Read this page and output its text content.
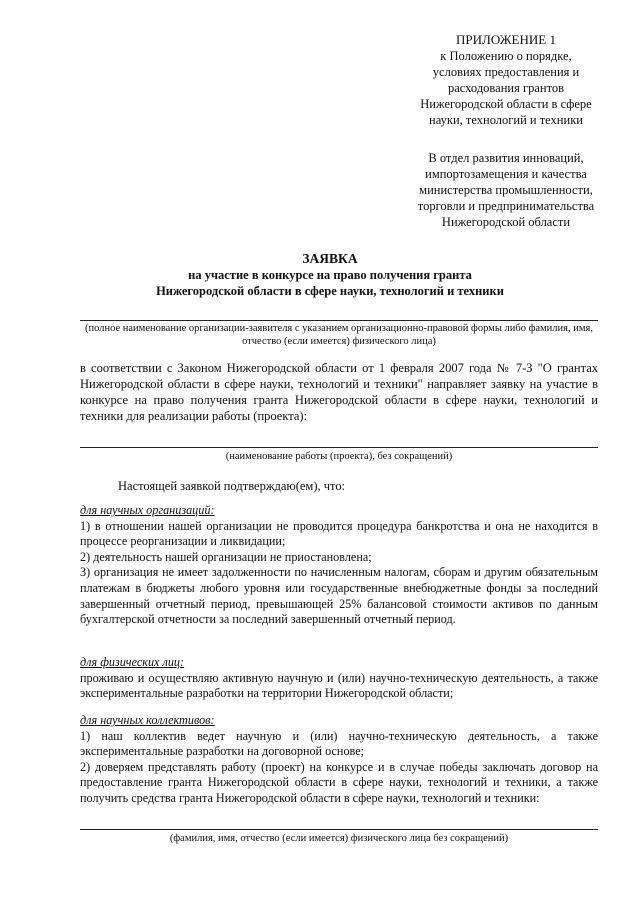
ПРИЛОЖЕНИЕ 1
к Положению о порядке,
условиях предоставления и
расходования грантов
Нижегородской области в сфере
науки, технологий и техники
В отдел развития инноваций,
импортозамещения и качества
министерства промышленности,
торговли и предпринимательства
Нижегородской области
ЗАЯВКА
на участие в конкурсе на право получения гранта
Нижегородской области в сфере науки, технологий и техники
(полное наименование организации-заявителя с указанием организационно-правовой формы либо фамилия, имя, отчество (если имеется) физического лица)
в соответствии с Законом Нижегородской области от 1 февраля 2007 года № 7-З "О грантах Нижегородской области в сфере науки, технологий и техники" направляет заявку на участие в конкурсе на право получения гранта Нижегородской области в сфере науки, технологий и техники для реализации работы (проекта):
(наименование работы (проекта), без сокращений)
Настоящей заявкой подтверждаю(ем), что:
для научных организаций:
1) в отношении нашей организации не проводится процедура банкротства и она не находится в процессе реорганизации и ликвидации;
2) деятельность нашей организации не приостановлена;
3) организация не имеет задолженности по начисленным налогам, сборам и другим обязательным платежам в бюджеты любого уровня или государственные внебюджетные фонды за последний завершенный отчетный период, превышающей 25% балансовой стоимости активов по данным бухгалтерской отчетности за последний завершенный отчетный период.
для физических лиц:
проживаю и осуществляю активную научную и (или) научно-техническую деятельность, а также экспериментальные разработки на территории Нижегородской области;
для научных коллективов:
1) наш коллектив ведет научную и (или) научно-техническую деятельность, а также экспериментальные разработки на договорной основе;
2) доверяем представлять работу (проект) на конкурсе и в случае победы заключать договор на предоставление гранта Нижегородской области в сфере науки, технологий и техники, а также получить средства гранта Нижегородской области в сфере науки, технологий и техники:
(фамилия, имя, отчество (если имеется) физического лица без сокращений)
